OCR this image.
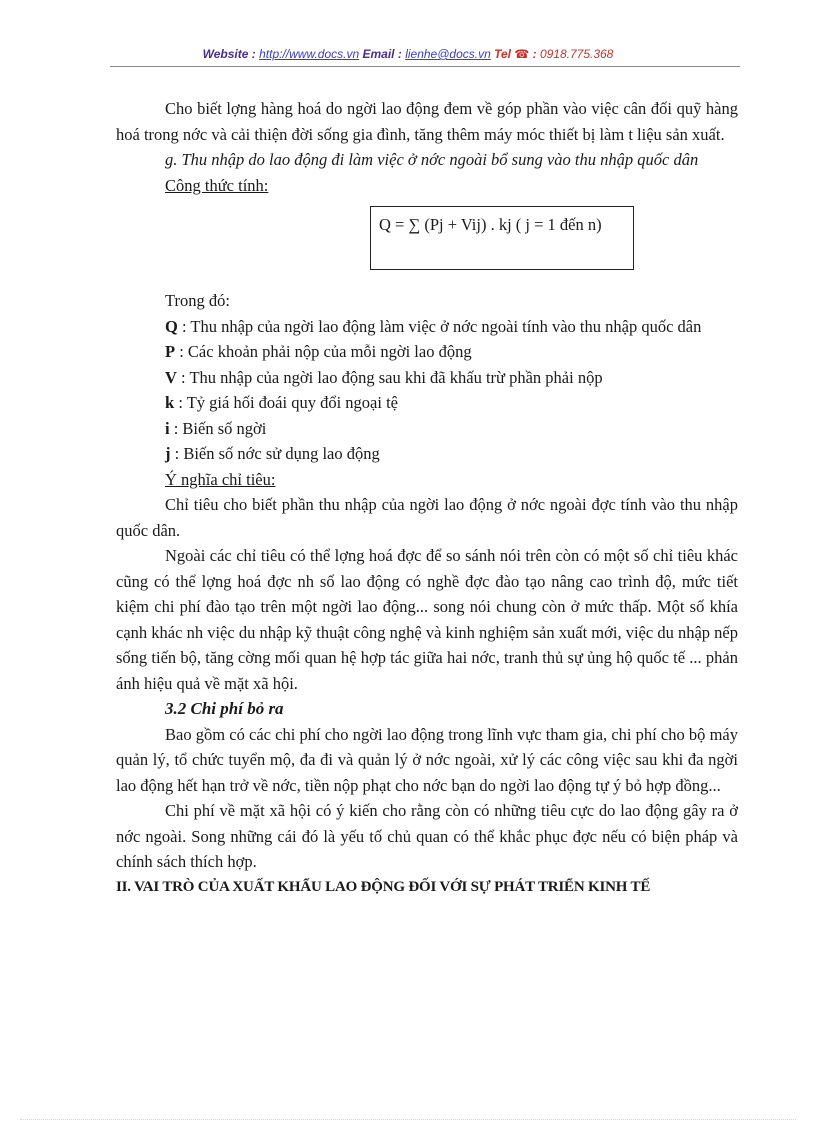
Website : http://www.docs.vn Email : lienhe@docs.vn Tel ☎ : 0918.775.368

Cho biết lợng hàng hoá do ngời lao động đem về góp phần vào việc cân đối quỹ hàng hoá trong nớc và cải thiện đời sống gia đình, tăng thêm máy móc thiết bị làm t liệu sản xuất.

g. Thu nhập do lao động đi làm việc ở nớc ngoài bổ sung vào thu nhập quốc dân

Công thức tính:

Q = ∑ (Pj + Vij) . kj ( j = 1 đến n)

Trong đó:

Q : Thu nhập của ngời lao động làm việc ở nớc ngoài tính vào thu nhập quốc dân

P : Các khoản phải nộp của mỗi ngời lao động

V : Thu nhập của ngời lao động sau khi đã khấu trừ phần phải nộp

k : Tỷ giá hối đoái quy đổi ngoại tệ

i : Biến số ngời

j : Biến số nớc sử dụng lao động

Ý nghĩa chỉ tiêu:

Chỉ tiêu cho biết phần thu nhập của ngời lao động ở nớc ngoài đợc tính vào thu nhập quốc dân.

Ngoài các chỉ tiêu có thể lợng hoá đợc để so sánh nói trên còn có một số chỉ tiêu khác cũng có thể lợng hoá đợc nh số lao động có nghề đợc đào tạo nâng cao trình độ, mức tiết kiệm chi phí đào tạo trên một ngời lao động... song nói chung còn ở mức thấp. Một số khía cạnh khác nh việc du nhập kỹ thuật công nghệ và kinh nghiệm sản xuất mới, việc du nhập nếp sống tiến bộ, tăng cờng mối quan hệ hợp tác giữa hai nớc, tranh thủ sự ủng hộ quốc tế ... phản ánh hiệu quả về mặt xã hội.

3.2 Chi phí bỏ ra

Bao gồm có các chi phí cho ngời lao động trong lĩnh vực tham gia, chi phí cho bộ máy quản lý, tổ chức tuyển mộ, đa đi và quản lý ở nớc ngoài, xử lý các công việc sau khi đa ngời lao động hết hạn trở về nớc, tiền nộp phạt cho nớc bạn do ngời lao động tự ý bỏ hợp đồng...

Chi phí về mặt xã hội có ý kiến cho rằng còn có những tiêu cực do lao động gây ra ở nớc ngoài. Song những cái đó là yếu tố chủ quan có thể khắc phục đợc nếu có biện pháp và chính sách thích hợp.

II. VAI TRÒ CỦA XUẤT KHẨU LAO ĐỘNG ĐỐI VỚI SỰ PHÁT TRIỂN KINH TẾ
